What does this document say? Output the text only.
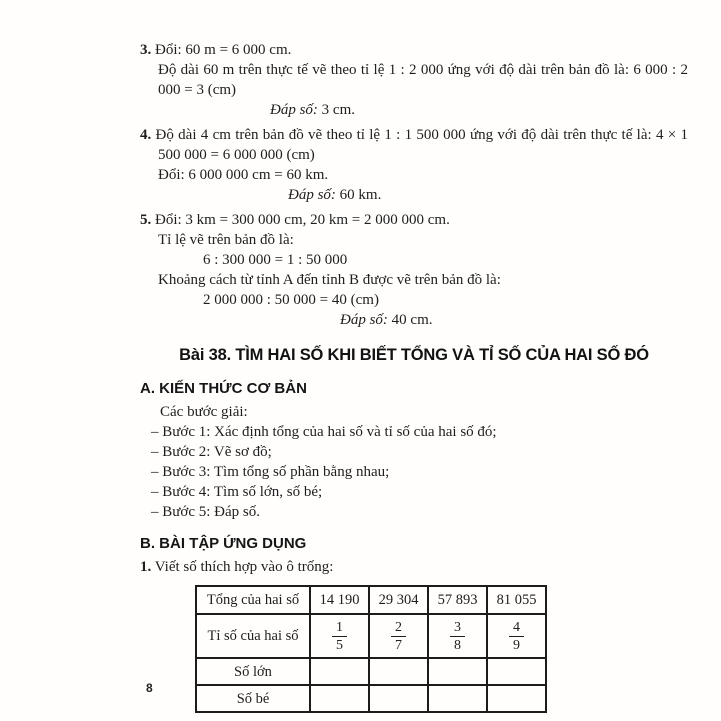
3. Đổi: 60 m = 6 000 cm.
Độ dài 60 m trên thực tế vẽ theo tỉ lệ 1 : 2 000 ứng với độ dài trên bản đồ là: 6 000 : 2 000 = 3 (cm)
Đáp số: 3 cm.
4. Độ dài 4 cm trên bản đồ vẽ theo tỉ lệ 1 : 1 500 000 ứng với độ dài trên thực tế là: 4 × 1 500 000 = 6 000 000 (cm)
Đổi: 6 000 000 cm = 60 km.
Đáp số: 60 km.
5. Đổi: 3 km = 300 000 cm, 20 km = 2 000 000 cm.
Tỉ lệ vẽ trên bản đồ là:
6 : 300 000 = 1 : 50 000
Khoảng cách từ tỉnh A đến tỉnh B được vẽ trên bản đồ là:
2 000 000 : 50 000 = 40 (cm)
Đáp số: 40 cm.
Bài 38. TÌM HAI SỐ KHI BIẾT TỔNG VÀ TỈ SỐ CỦA HAI SỐ ĐÓ
A. KIẾN THỨC CƠ BẢN
Các bước giải:
– Bước 1: Xác định tổng của hai số và tỉ số của hai số đó;
– Bước 2: Vẽ sơ đồ;
– Bước 3: Tìm tổng số phần bằng nhau;
– Bước 4: Tìm số lớn, số bé;
– Bước 5: Đáp số.
B. BÀI TẬP ỨNG DỤNG
1. Viết số thích hợp vào ô trống:
Tổng của hai số	14 190	29 304	57 893	81 055
Tỉ số của hai số	$\frac{1}{5}$	$\frac{2}{7}$	$\frac{3}{8}$	$\frac{4}{9}$

Số lớn				
Số bé				
8
